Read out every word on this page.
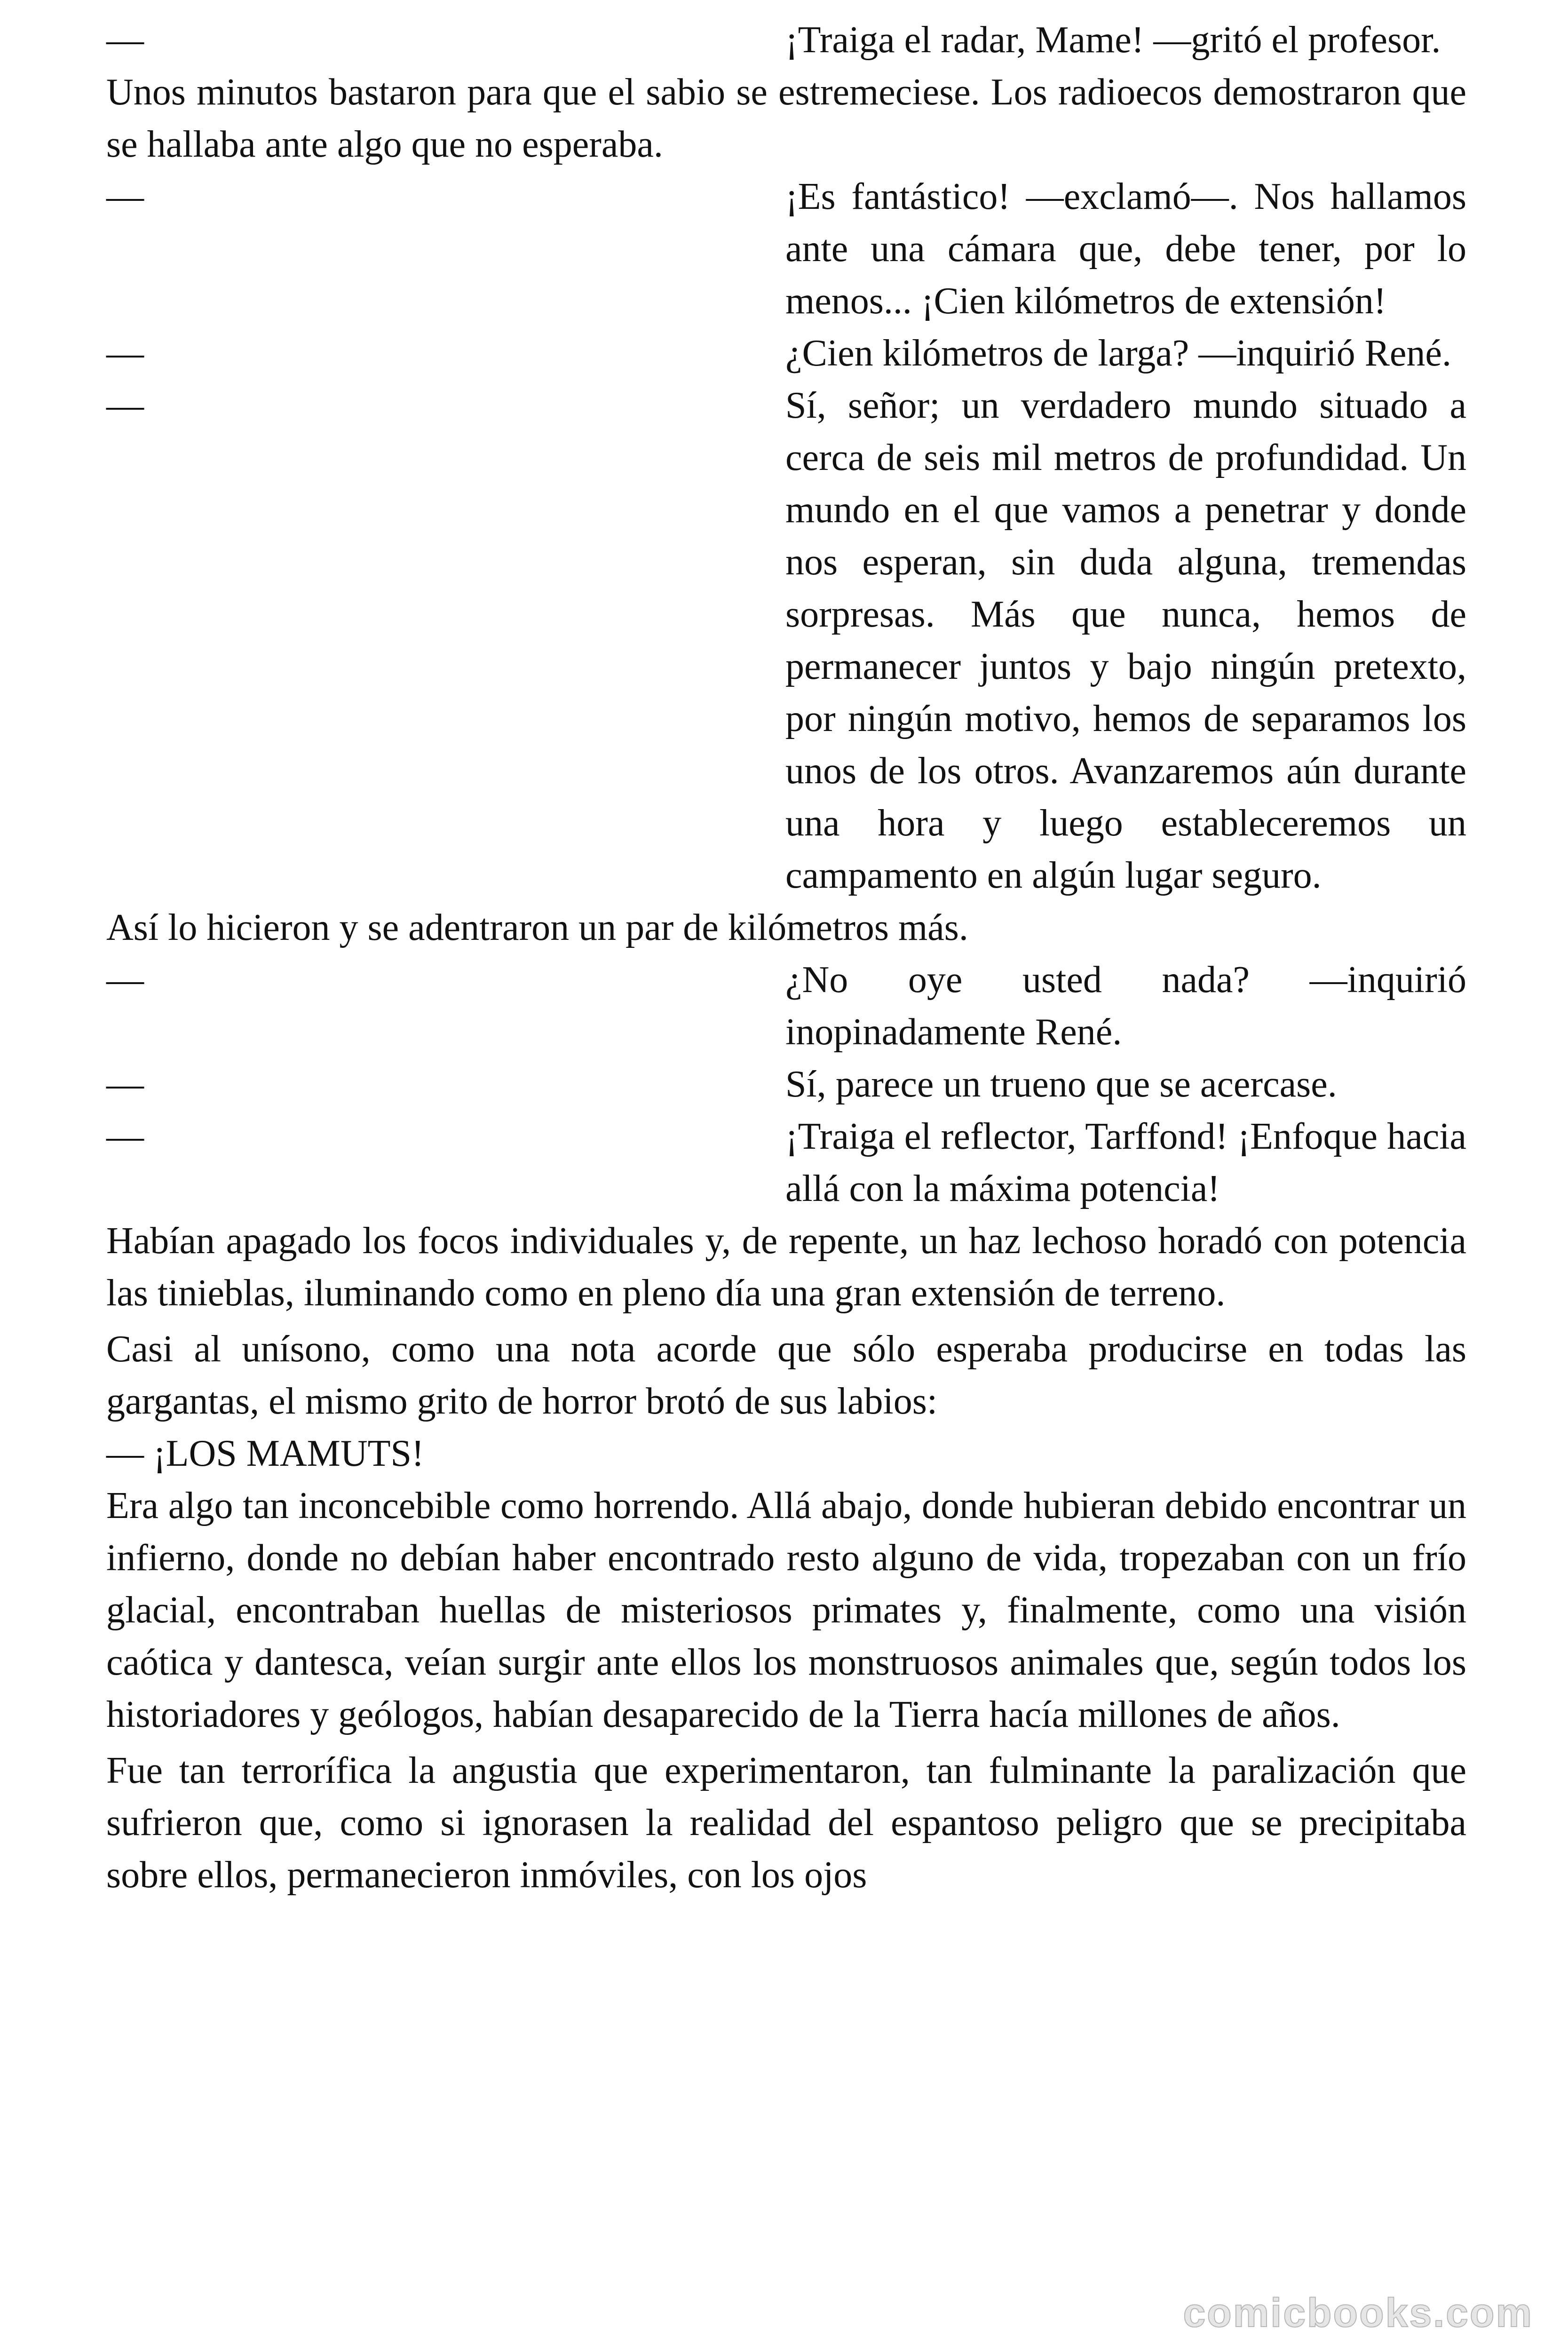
—	¡Traiga el radar, Mame! —gritó el profesor.

Unos minutos bastaron para que el sabio se estremeciese. Los radioecos demostraron que se hallaba ante algo que no esperaba.

—	¡Es fantástico! —exclamó—. Nos hallamos ante una cámara que, debe tener, por lo menos... ¡Cien kilómetros de extensión!
—	¿Cien kilómetros de larga? —inquirió René.
—	Sí, señor; un verdadero mundo situado a cerca de seis mil metros de profundidad. Un mundo en el que vamos a penetrar y donde nos esperan, sin duda alguna, tremendas sorpresas. Más que nunca, hemos de permanecer juntos y bajo ningún pretexto, por ningún motivo, hemos de separamos los unos de los otros. Avanzaremos aún durante una hora y luego estableceremos un campamento en algún lugar seguro.

Así lo hicieron y se adentraron un par de kilómetros más.

—	¿No oye usted nada? —inquirió inopinadamente René.
—	Sí, parece un trueno que se acercase.
—	¡Traiga el reflector, Tarffond! ¡Enfoque hacia allá con la máxima potencia!

Habían apagado los focos individuales y, de repente, un haz lechoso horadó con potencia las tinieblas, iluminando como en pleno día una gran extensión de terreno.

Casi al unísono, como una nota acorde que sólo esperaba producirse en todas las gargantas, el mismo grito de horror brotó de sus labios:

— ¡LOS MAMUTS!

Era algo tan inconcebible como horrendo. Allá abajo, donde hubieran debido encontrar un infierno, donde no debían haber encontrado resto alguno de vida, tropezaban con un frío glacial, encontraban huellas de misteriosos primates y, finalmente, como una visión caótica y dantesca, veían surgir ante ellos los monstruosos animales que, según todos los historiadores y geólogos, habían desaparecido de la Tierra hacía millones de años.

Fue tan terrorífica la angustia que experimentaron, tan fulminante la paralización que sufrieron que, como si ignorasen la realidad del espantoso peligro que se precipitaba sobre ellos, permanecieron inmóviles, con los ojos

comicbooks.com
